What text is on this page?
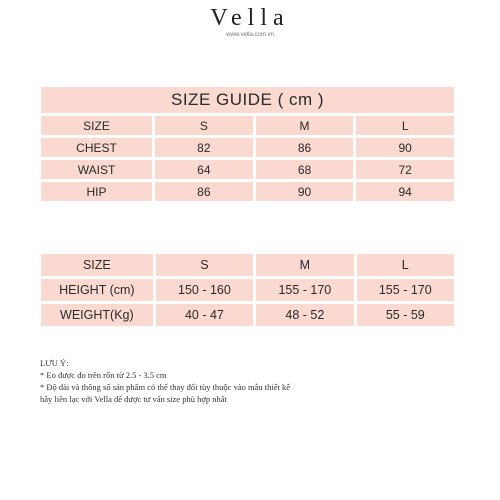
Vella
www.vella.com.vn
SIZE GUIDE ( cm )			
SIZE	S	M	L
CHEST	82	86	90
WAIST	64	68	72
HIP	86	90	94
SIZE	S	M	L
HEIGHT (cm)	150 - 160	155 - 170	155 - 170
WEIGHT(Kg)	40 - 47	48 - 52	55 - 59
LƯU Ý:
* Eo được đo trên rốn từ 2.5 - 3.5 cm
* Độ dài và thông số sản phẩm có thể thay đổi tùy thuộc vào mẫu thiết kế
hãy liên lạc với Vella để được tư vấn size phù hợp nhất
